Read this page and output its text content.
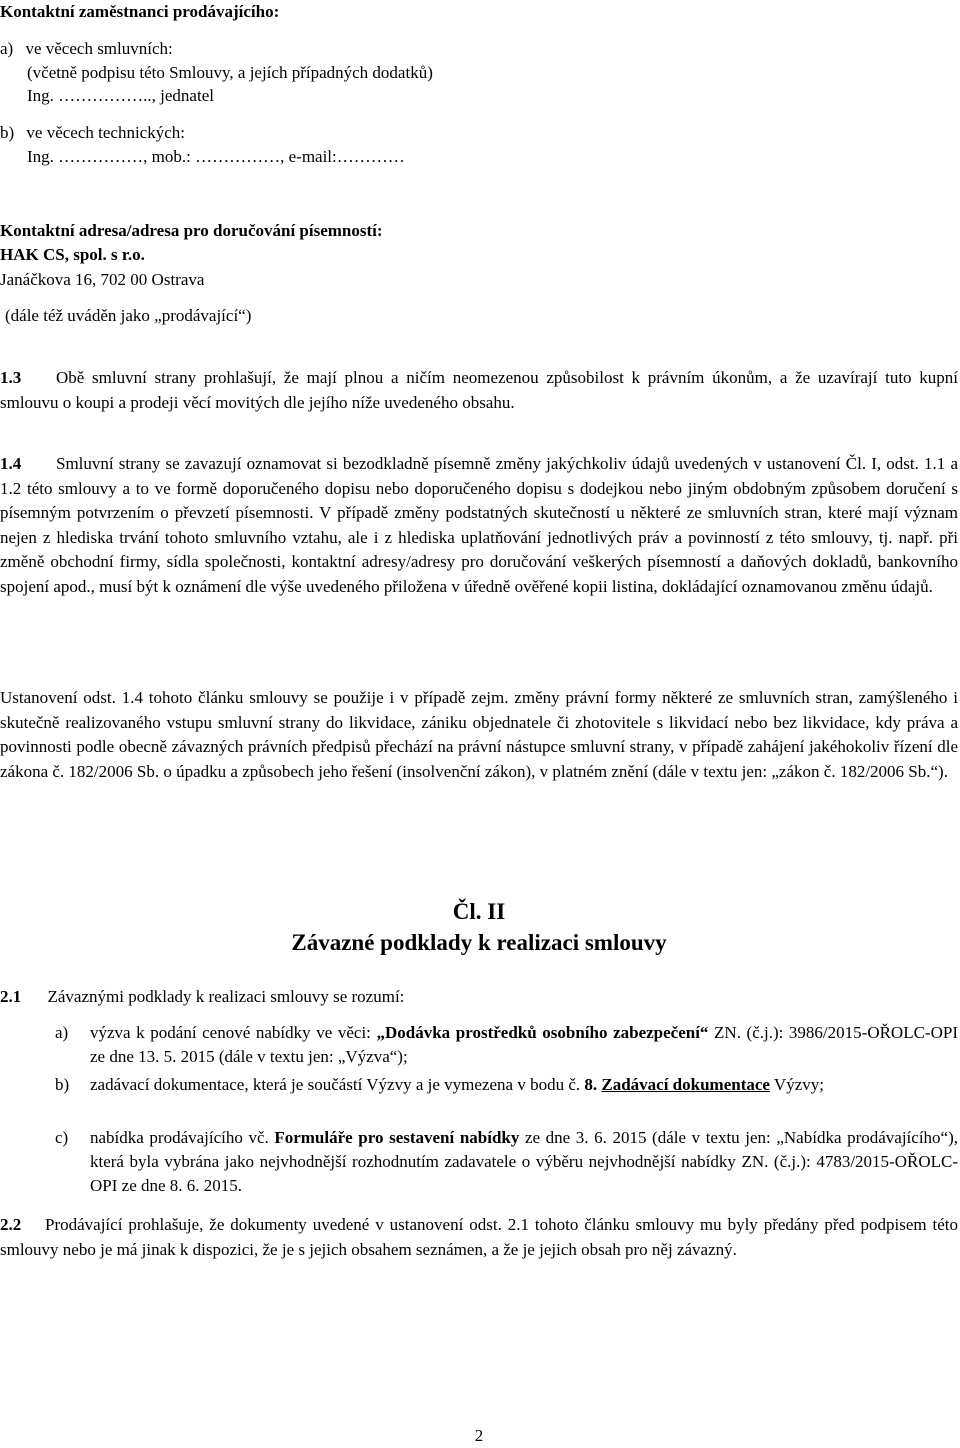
Kontaktní zaměstnanci prodávajícího:
a) ve věcech smluvních:
(včetně podpisu této Smlouvy, a jejích případných dodatků)
Ing. …………….., jednatel
b) ve věcech technických:
Ing. ……………, mob.: ……………, e-mail:…………
Kontaktní adresa/adresa pro doručování písemností:
HAK CS, spol. s r.o.
Janáčkova 16, 702 00 Ostrava
(dále též uváděn jako „prodávající“)
1.3	Obě smluvní strany prohlašují, že mají plnou a ničím neomezenou způsobilost k právním úkonům, a že uzavírají tuto kupní smlouvu o koupi a prodeji věcí movitých dle jejího níže uvedeného obsahu.
1.4	Smluvní strany se zavazují oznamovat si bezodkladně písemně změny jakýchkoliv údajů uvedených v ustanovení Čl. I, odst. 1.1 a 1.2 této smlouvy a to ve formě doporučeného dopisu nebo doporučeného dopisu s dodejkou nebo jiným obdobným způsobem doručení s písemným potvrzením o převzetí písemnosti. V případě změny podstatných skutečností u některé ze smluvních stran, které mají význam nejen z hlediska trvání tohoto smluvního vztahu, ale i z hlediska uplatňování jednotlivých práv a povinností z této smlouvy, tj. např. při změně obchodní firmy, sídla společnosti, kontaktní adresy/adresy pro doručování veškerých písemností a daňových dokladů, bankovního spojení apod., musí být k oznámení dle výše uvedeného přiložena v úředně ověřené kopii listina, dokládající oznamovanou změnu údajů.
Ustanovení odst. 1.4 tohoto článku smlouvy se použije i v případě zejm. změny právní formy některé ze smluvních stran, zamýšleného i skutečně realizovaného vstupu smluvní strany do likvidace, zániku objednatele či zhotovitele s likvidací nebo bez likvidace, kdy práva a povinnosti podle obecně závazných právních předpisů přechází na právní nástupce smluvní strany, v případě zahájení jakéhokoliv řízení dle zákona č. 182/2006 Sb. o úpadku a způsobech jeho řešení (insolvenční zákon), v platném znění (dále v textu jen: „zákon č. 182/2006 Sb.“).
Čl. II
Závazné podklady k realizaci smlouvy
2.1 Závaznými podklady k realizaci smlouvy se rozumí:
a) výzva k podání cenové nabídky ve věci: „Dodávka prostředků osobního zabezpečení“ ZN. (č.j.): 3986/2015-OŘOLC-OPI ze dne 13. 5. 2015 (dále v textu jen: „Výzva“);
b) zadávací dokumentace, která je součástí Výzvy a je vymezena v bodu č. 8. Zadávací dokumentace Výzvy;
c) nabídka prodávajícího vč. Formuláře pro sestavení nabídky ze dne 3. 6. 2015 (dále v textu jen: „Nabídka prodávajícího“), která byla vybrána jako nejvhodnější rozhodnutím zadavatele o výběru nejvhodnější nabídky ZN. (č.j.): 4783/2015-OŘOLC-OPI ze dne 8. 6. 2015.
2.2	Prodávající prohlašuje, že dokumenty uvedené v ustanovení odst. 2.1 tohoto článku smlouvy mu byly předány před podpisem této smlouvy nebo je má jinak k dispozici, že je s jejich obsahem seznámen, a že je jejich obsah pro něj závazný.
2
